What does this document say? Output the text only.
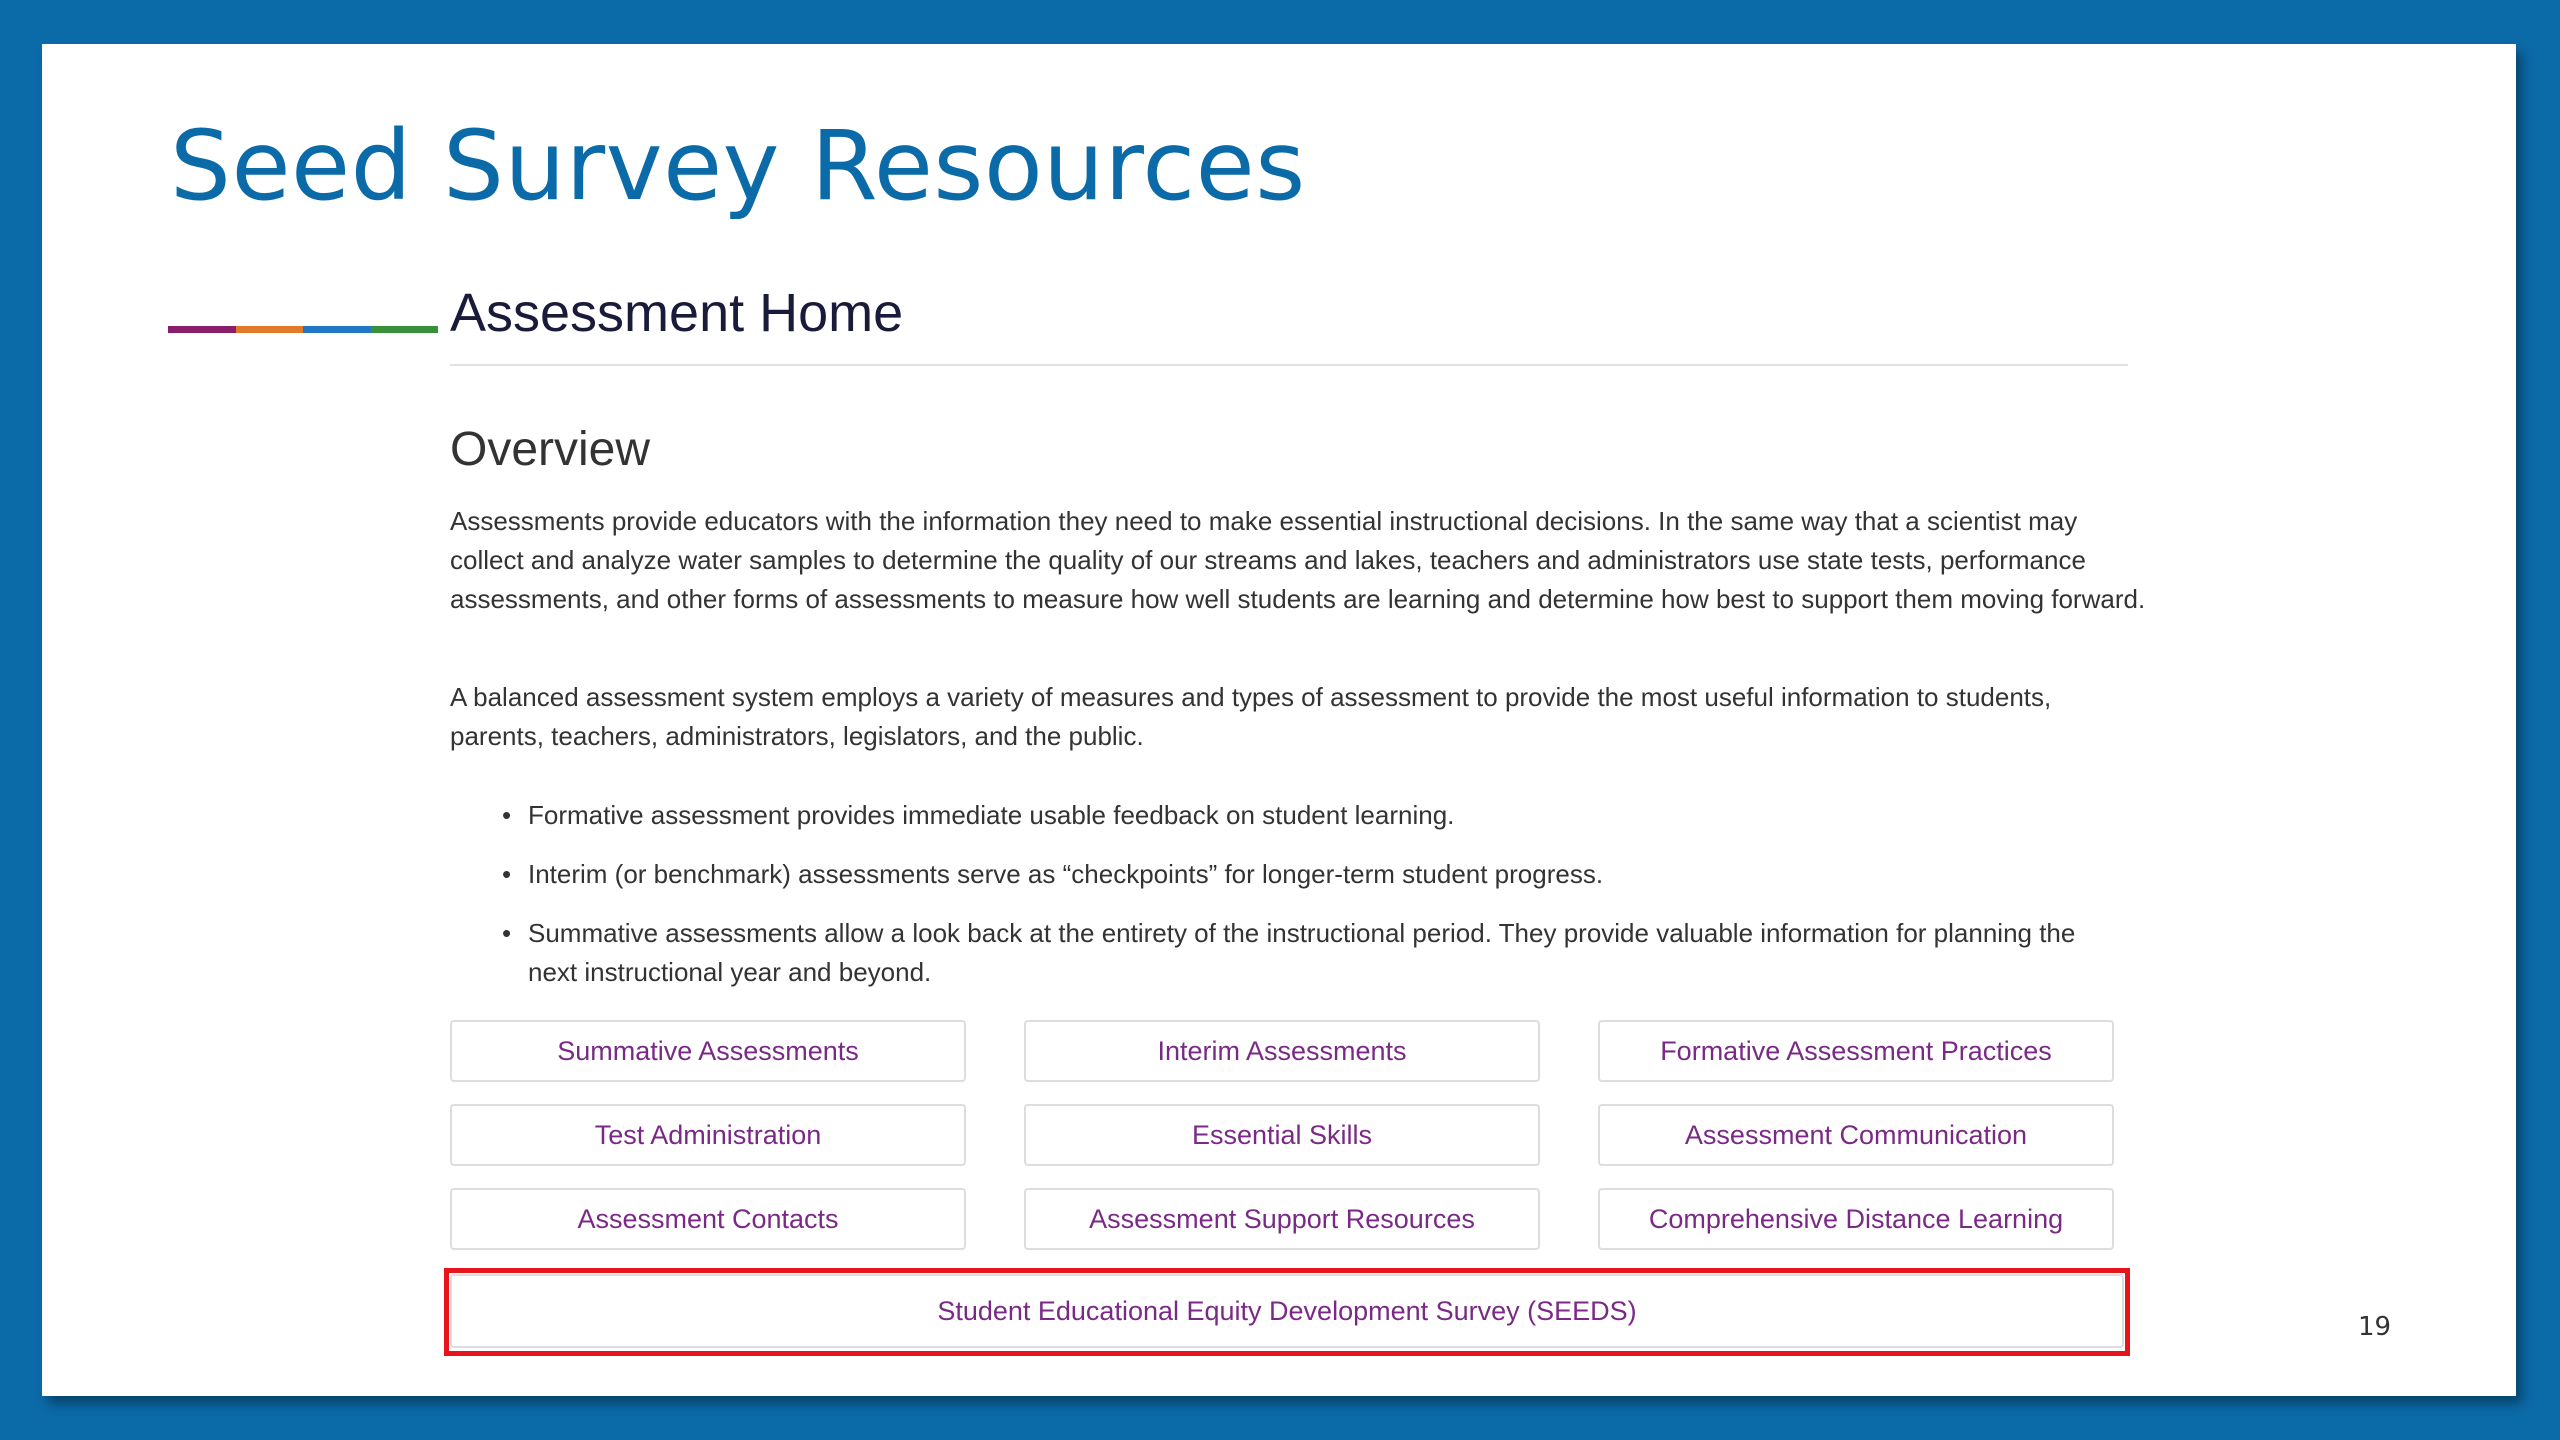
Seed Survey Resources
Assessment Home
Overview

Assessments provide educators with the information they need to make essential instructional decisions. In the same way that a scientist may collect and analyze water samples to determine the quality of our streams and lakes, teachers and administrators use state tests, performance assessments, and other forms of assessments to measure how well students are learning and determine how best to support them moving forward.

A balanced assessment system employs a variety of measures and types of assessment to provide the most useful information to students, parents, teachers, administrators, legislators, and the public.

• Formative assessment provides immediate usable feedback on student learning.
• Interim (or benchmark) assessments serve as “checkpoints” for longer-term student progress.
• Summative assessments allow a look back at the entirety of the instructional period. They provide valuable information for planning the next instructional year and beyond.
Summative Assessments	Interim Assessments	Formative Assessment Practices
Test Administration	Essential Skills	Assessment Communication
Assessment Contacts	Assessment Support Resources	Comprehensive Distance Learning
Student Educational Equity Development Survey (SEEDS)
19
